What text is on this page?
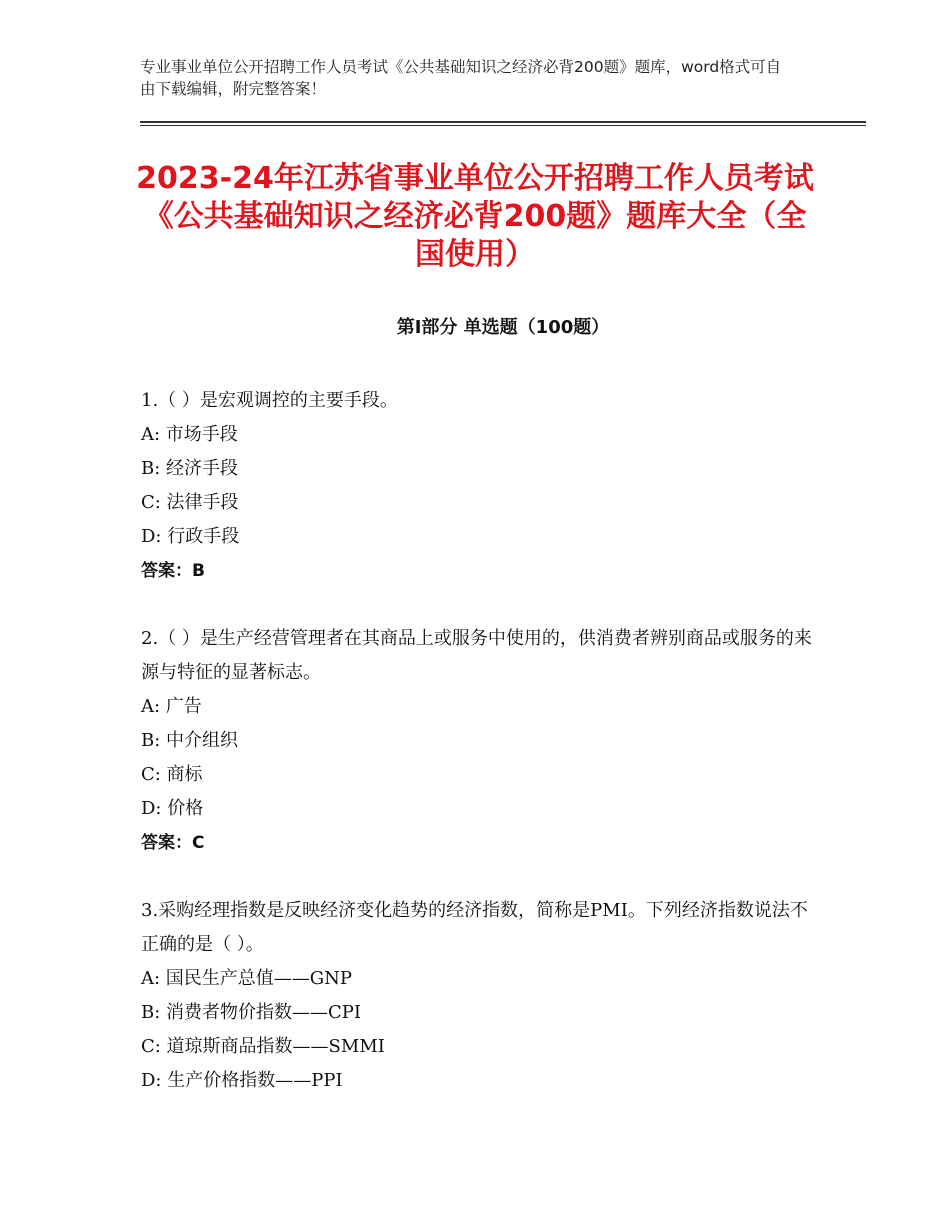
专业事业单位公开招聘工作人员考试《公共基础知识之经济必背200题》题库，word格式可自由下载编辑，附完整答案！
2023-24年江苏省事业单位公开招聘工作人员考试《公共基础知识之经济必背200题》题库大全（全国使用）
第Ⅰ部分 单选题（100题）
1.（ ）是宏观调控的主要手段。
A: 市场手段
B: 经济手段
C: 法律手段
D: 行政手段
答案：B
2.（ ）是生产经营管理者在其商品上或服务中使用的，供消费者辨别商品或服务的来源与特征的显著标志。
A: 广告
B: 中介组织
C: 商标
D: 价格
答案：C
3.采购经理指数是反映经济变化趋势的经济指数，简称是PMI。下列经济指数说法不正确的是（ ）。
A: 国民生产总值——GNP
B: 消费者物价指数——CPI
C: 道琼斯商品指数——SMMI
D: 生产价格指数——PPI
